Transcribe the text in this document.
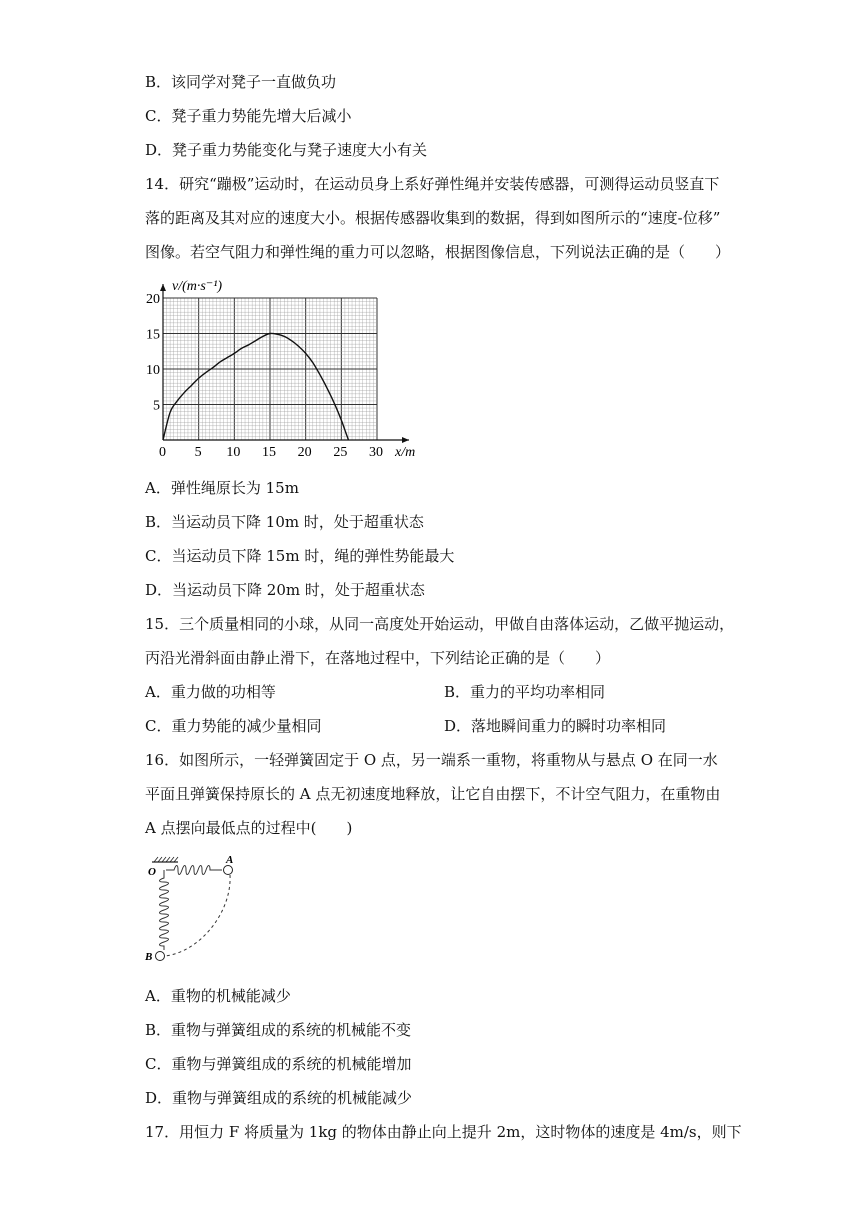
B．该同学对凳子一直做负功
C．凳子重力势能先增大后减小
D．凳子重力势能变化与凳子速度大小有关
14．研究“蹦极”运动时，在运动员身上系好弹性绳并安装传感器，可测得运动员竖直下
落的距离及其对应的速度大小。根据传感器收集到的数据，得到如图所示的“速度-位移”
图像。若空气阻力和弹性绳的重力可以忽略，根据图像信息，下列说法正确的是（　　）
0 5 10 15 20 25 30
5
10
15
20
v/(m·s⁻¹)
x/m
A．弹性绳原长为 15m
B．当运动员下降 10m 时，处于超重状态
C．当运动员下降 15m 时，绳的弹性势能最大
D．当运动员下降 20m 时，处于超重状态
15．三个质量相同的小球，从同一高度处开始运动，甲做自由落体运动，乙做平抛运动，
丙沿光滑斜面由静止滑下，在落地过程中，下列结论正确的是（　　）
A．重力做的功相等	B．重力的平均功率相同
C．重力势能的减少量相同	D．落地瞬间重力的瞬时功率相同
16．如图所示，一轻弹簧固定于 O 点，另一端系一重物，将重物从与悬点 O 在同一水
平面且弹簧保持原长的 A 点无初速度地释放，让它自由摆下，不计空气阻力，在重物由
A 点摆向最低点的过程中(　　)
O
A
B
A．重物的机械能减少
B．重物与弹簧组成的系统的机械能不变
C．重物与弹簧组成的系统的机械能增加
D．重物与弹簧组成的系统的机械能减少
17．用恒力 F 将质量为 1kg 的物体由静止向上提升 2m，这时物体的速度是 4m/s，则下
